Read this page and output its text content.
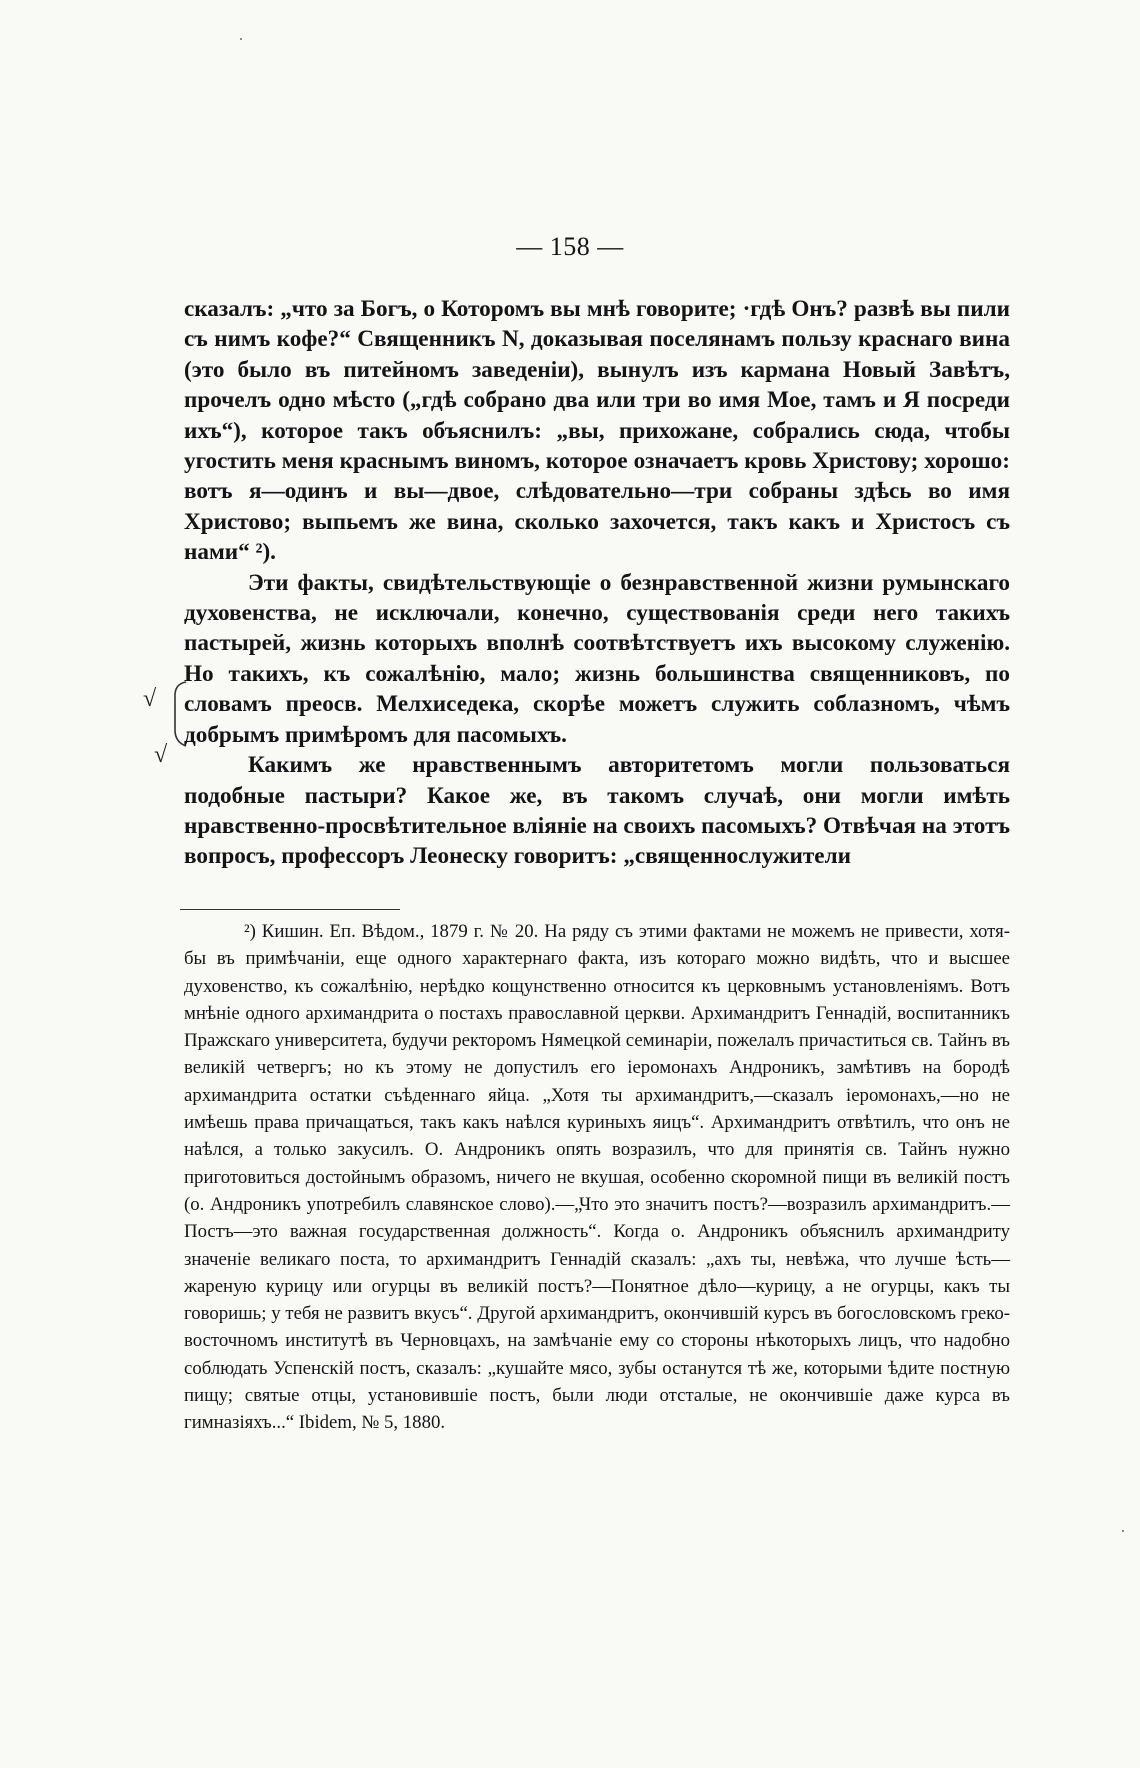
— 158 —

сказалъ: „что за Богъ, о Которомъ вы мнѣ говорите; ·гдѣ Онъ? развѣ вы пили съ нимъ кофе?“ Священникъ N, доказывая поселянамъ пользу краснаго вина (это было въ питейномъ заведеніи), вынулъ изъ кармана Новый Завѣтъ, прочелъ одно мѣсто („гдѣ собрано два или три во имя Мое, тамъ и Я посреди ихъ“), которое такъ объяснилъ: „вы, прихожане, собрались сюда, чтобы угостить меня краснымъ виномъ, которое означаетъ кровь Христову; хорошо: вотъ я—одинъ и вы—двое, слѣдовательно—три собраны здѣсь во имя Христово; выпьемъ же вина, сколько захочется, такъ какъ и Христосъ съ нами“ ²).

Эти факты, свидѣтельствующіе о безнравственной жизни румынскаго духовенства, не исключали, конечно, существованія среди него такихъ пастырей, жизнь которыхъ вполнѣ соотвѣтствуетъ ихъ высокому служенію. Но такихъ, къ сожалѣнію, мало; жизнь большинства священниковъ, по словамъ преосв. Мелхиседека, скорѣе можетъ служить соблазномъ, чѣмъ добрымъ примѣромъ для пасомыхъ.

Какимъ же нравственнымъ авторитетомъ могли пользоваться подобные пастыри? Какое же, въ такомъ случаѣ, они могли имѣть нравственно-просвѣтительное вліяніе на своихъ пасомыхъ? Отвѣчая на этотъ вопросъ, профессоръ Леонеску говоритъ: „священнослужители

√
√

²) Кишин. Еп. Вѣдом., 1879 г. № 20. На ряду съ этими фактами не можемъ не привести, хотя-бы въ примѣчаніи, еще одного характернаго факта, изъ котораго можно видѣть, что и высшее духовенство, къ сожалѣнію, нерѣдко кощунственно относится къ церковнымъ установленіямъ. Вотъ мнѣніе одного архимандрита о постахъ православной церкви. Архимандритъ Геннадій, воспитанникъ Пражскаго университета, будучи ректоромъ Нямецкой семинаріи, пожелалъ причаститься св. Тайнъ въ великій четвергъ; но къ этому не допустилъ его іеромонахъ Андроникъ, замѣтивъ на бородѣ архимандрита остатки съѣденнаго яйца. „Хотя ты архимандритъ,—сказалъ іеромонахъ,—но не имѣешь права причащаться, такъ какъ наѣлся куриныхъ яицъ“. Архимандритъ отвѣтилъ, что онъ не наѣлся, а только закусилъ. О. Андроникъ опять возразилъ, что для принятія св. Тайнъ нужно приготовиться достойнымъ образомъ, ничего не вкушая, особенно скоромной пищи въ великій постъ (о. Андроникъ употребилъ славянское слово).—„Что это значитъ постъ?—возразилъ архимандритъ.—Постъ—это важная государственная должность“. Когда о. Андроникъ объяснилъ архимандриту значеніе великаго поста, то архимандритъ Геннадій сказалъ: „ахъ ты, невѣжа, что лучше ѣсть—жареную курицу или огурцы въ великій постъ?—Понятное дѣло—курицу, а не огурцы, какъ ты говоришь; у тебя не развитъ вкусъ“. Другой архимандритъ, окончившій курсъ въ богословскомъ греко-восточномъ институтѣ въ Черновцахъ, на замѣчаніе ему со стороны нѣкоторыхъ лицъ, что надобно соблюдать Успенскій постъ, сказалъ: „кушайте мясо, зубы останутся тѣ же, которыми ѣдите постную пищу; святые отцы, установившіе постъ, были люди отсталые, не окончившіе даже курса въ гимназіяхъ...“ Ibidem, № 5, 1880.
